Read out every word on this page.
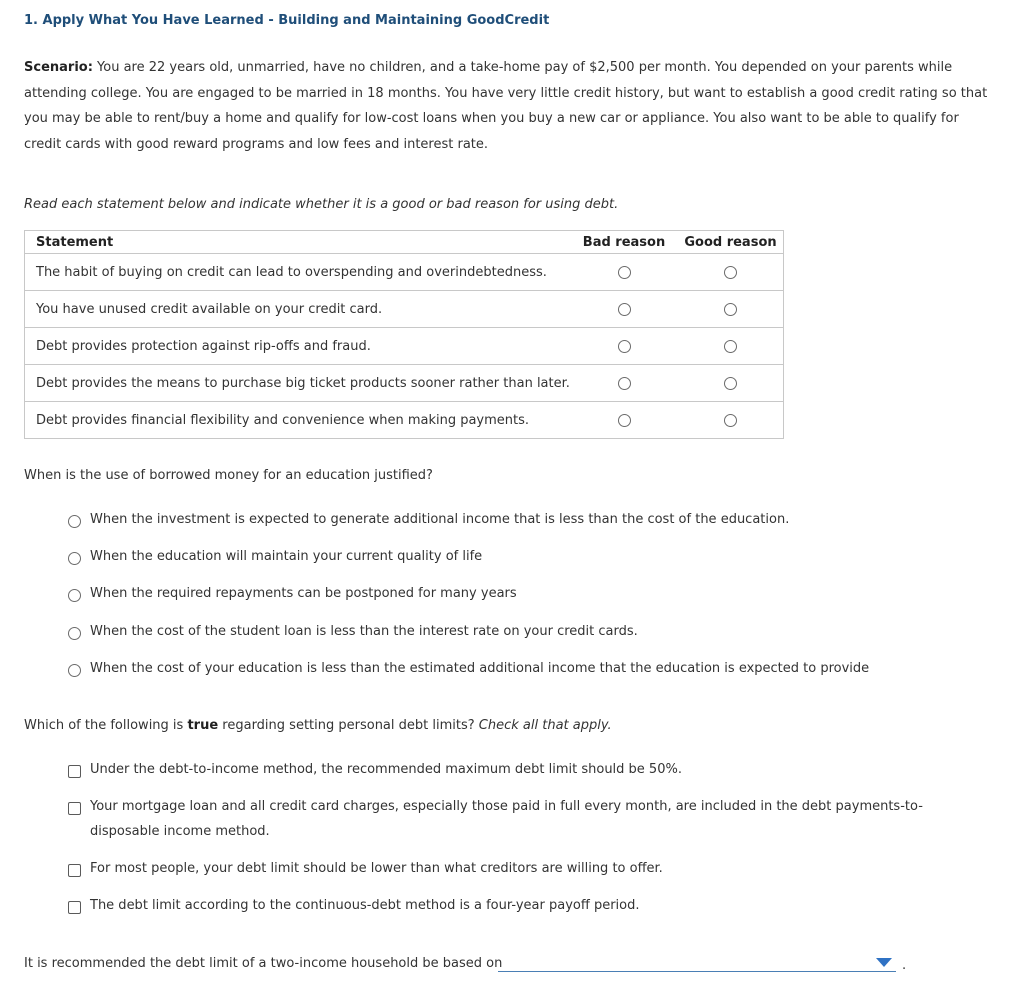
1. Apply What You Have Learned - Building and Maintaining GoodCredit
Scenario: You are 22 years old, unmarried, have no children, and a take-home pay of $2,500 per month. You depended on your parents while attending college. You are engaged to be married in 18 months. You have very little credit history, but want to establish a good credit rating so that you may be able to rent/buy a home and qualify for low-cost loans when you buy a new car or appliance. You also want to be able to qualify for credit cards with good reward programs and low fees and interest rate.
Read each statement below and indicate whether it is a good or bad reason for using debt.
Statement	Bad reason	Good reason
The habit of buying on credit can lead to overspending and overindebtedness.		
You have unused credit available on your credit card.		
Debt provides protection against rip-offs and fraud.		
Debt provides the means to purchase big ticket products sooner rather than later.		
Debt provides financial flexibility and convenience when making payments.		
When is the use of borrowed money for an education justified?
When the investment is expected to generate additional income that is less than the cost of the education.
When the education will maintain your current quality of life
When the required repayments can be postponed for many years
When the cost of the student loan is less than the interest rate on your credit cards.
When the cost of your education is less than the estimated additional income that the education is expected to provide
Which of the following is true regarding setting personal debt limits? Check all that apply.
Under the debt-to-income method, the recommended maximum debt limit should be 50%.
Your mortgage loan and all credit card charges, especially those paid in full every month, are included in the debt payments-to-disposable income method.
For most people, your debt limit should be lower than what creditors are willing to offer.
The debt limit according to the continuous-debt method is a four-year payoff period.
It is recommended the debt limit of a two-income household be based on	.
